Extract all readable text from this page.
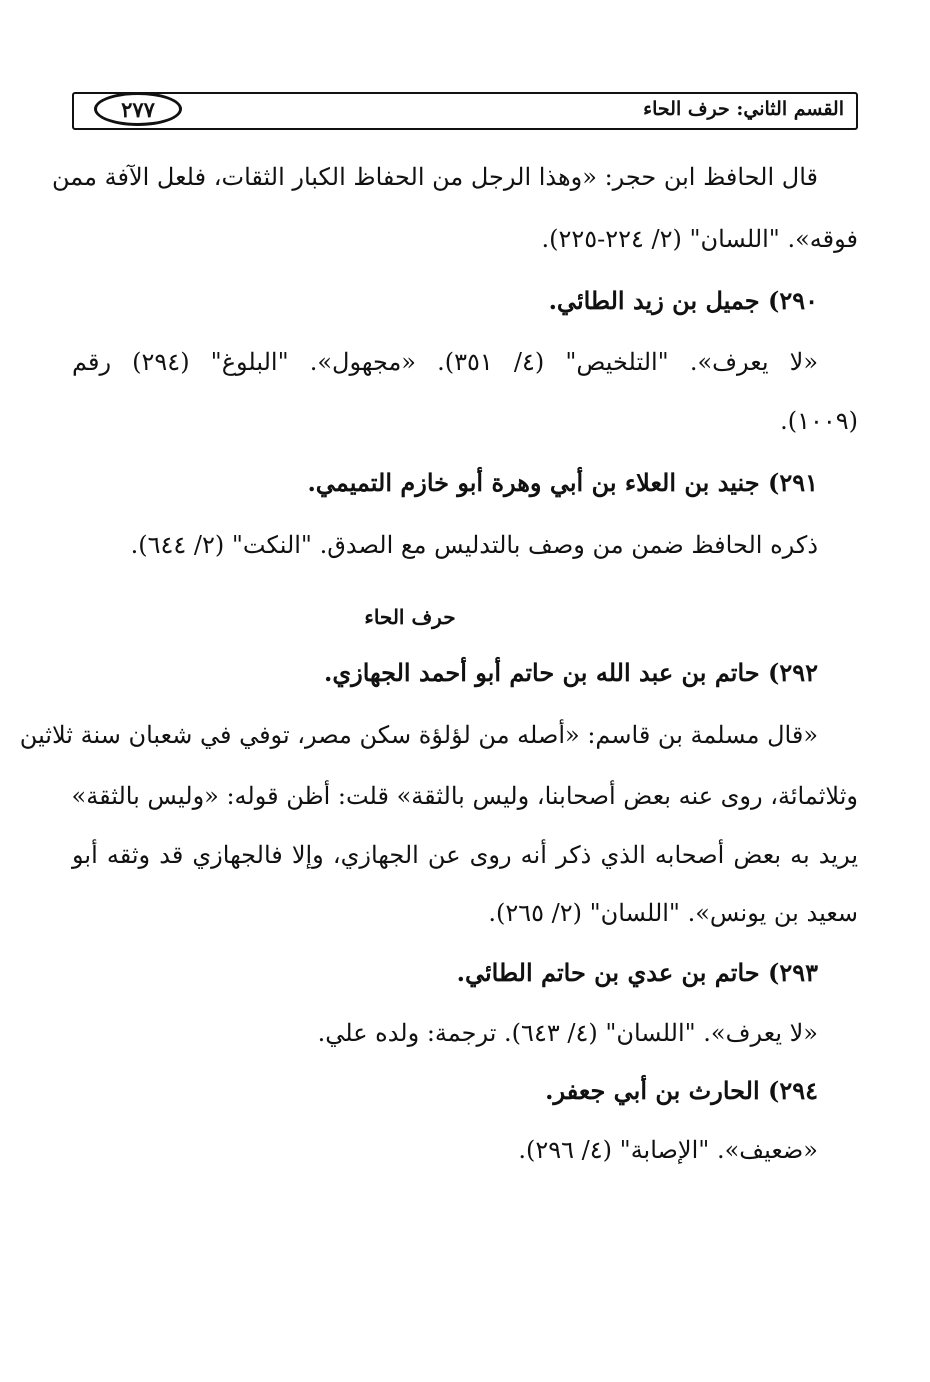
القسم الثاني: حرف الحاء
٢٧٧
قال الحافظ ابن حجر: «وهذا الرجل من الحفاظ الكبار الثقات، فلعل الآفة ممن
فوقه». "اللسان" (٢/ ٢٢٤-٢٢٥).
٢٩٠) جميل بن زيد الطائي.
«لا يعرف». "التلخيص" (٤/ ٣٥١). «مجهول». "البلوغ" (٢٩٤) رقم
(١٠٠٩).
٢٩١) جنيد بن العلاء بن أبي وهرة أبو خازم التميمي.
ذكره الحافظ ضمن من وصف بالتدليس مع الصدق. "النكت" (٢/ ٦٤٤).
حرف الحاء
٢٩٢) حاتم بن عبد الله بن حاتم أبو أحمد الجهازي.
«قال مسلمة بن قاسم: «أصله من لؤلؤة سكن مصر، توفي في شعبان سنة ثلاثين
وثلاثمائة، روى عنه بعض أصحابنا، وليس بالثقة» قلت: أظن قوله: «وليس بالثقة»
يريد به بعض أصحابه الذي ذكر أنه روى عن الجهازي، وإلا فالجهازي قد وثقه أبو
سعيد بن يونس». "اللسان" (٢/ ٢٦٥).
٢٩٣) حاتم بن عدي بن حاتم الطائي.
«لا يعرف». "اللسان" (٤/ ٦٤٣). ترجمة: ولده علي.
٢٩٤) الحارث بن أبي جعفر.
«ضعيف». "الإصابة" (٤/ ٢٩٦).
